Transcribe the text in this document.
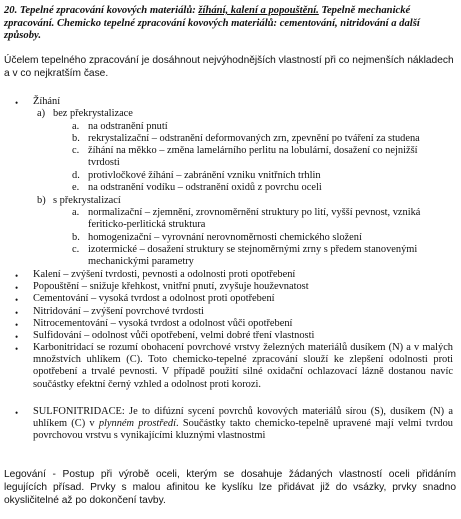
20. Tepelné zpracování kovových materiálů: žíhání, kalení a popouštění. Tepelně mechanické zpracování. Chemicko tepelné zpracování kovových materiálů: cementování, nitridování a další způsoby.
Účelem tepelného zpracování je dosáhnout nejvýhodnějších vlastností při co nejmenších nákladech a v co nejkratším čase.
• Žíhání
a) bez překrystalizace
a. na odstranění pnutí
b. rekrystalizační – odstranění deformovaných zrn, zpevnění po tváření za studena
c. žíhání na měkko – změna lamelárního perlitu na lobulární, dosažení co nejnižší tvrdosti
d. protivločkové žíhání – zabránění vzniku vnitřních trhlin
e. na odstranění vodíku – odstranění oxidů z povrchu oceli
b) s překrystalizací
a. normalizační – zjemnění, zrovnoměrnění struktury po lití, vyšší pevnost, vzniká feriticko-perlitická struktura
b. homogenizační – vyrovnání nerovnoměrnosti chemického složení
c. izotermické – dosažení struktury se stejnoměrnými zrny s předem stanovenými mechanickými parametry
• Kalení – zvýšení tvrdosti, pevnosti a odolnosti proti opotřebení
• Popouštění – snižuje křehkost, vnitřní pnutí, zvyšuje houževnatost
• Cementování – vysoká tvrdost a odolnost proti opotřebení
• Nitridování – zvýšení povrchové tvrdosti
• Nitrocementování – vysoká tvrdost a odolnost vůči opotřebení
• Sulfidování – odolnost vůči opotřebení, velmi dobré tření vlastnosti
• Karbonitridací se rozumí obohacení povrchové vrstvy železných materiálů dusíkem (N) a v malých množstvích uhlíkem (C). Toto chemicko-tepelné zpracování slouží ke zlepšení odolnosti proti opotřebení a trvalé pevnosti. V případě použití silné oxidační ochlazovací lázně dostanou navíc součástky efektní černý vzhled a odolnost proti korozi.
• SULFONITRIDACE: Je to difúzní sycení povrchů kovových materiálů sírou (S), dusíkem (N) a uhlíkem (C) v plynném prostředí. Součástky takto chemicko-tepelně upravené mají velmi tvrdou povrchovou vrstvu s vynikajícími kluznými vlastnostmi
Legování - Postup při výrobě oceli, kterým se dosahuje žádaných vlastností oceli přidáním legujících přísad. Prvky s malou afinitou ke kyslíku lze přidávat již do vsázky, prvky snadno okysličitelné až po dokončení tavby.
